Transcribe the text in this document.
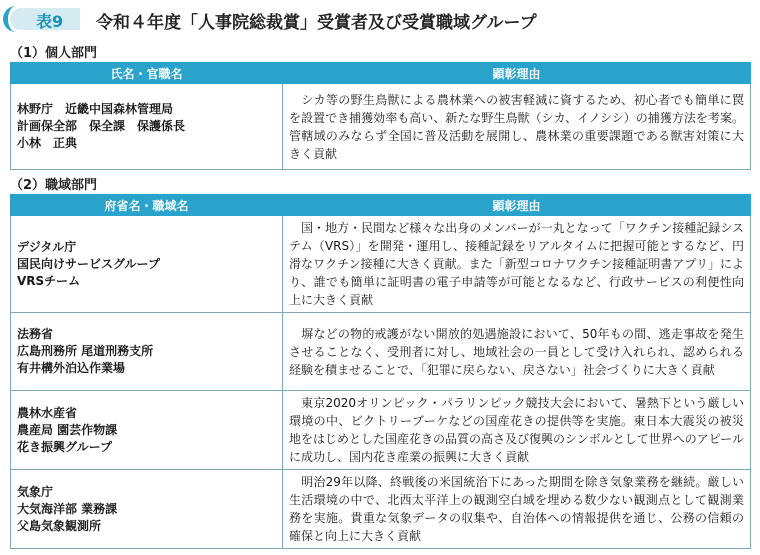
表9 令和４年度「人事院総裁賞」受賞者及び受賞職域グループ
（1）個人部門
氏名・官職名	顕彰理由

林野庁　近畿中国森林管理局
計画保全部　保全課　保護係長
小林　正典	シカ等の野生鳥獣による農林業への被害軽減に資するため、初心者でも簡単に罠を設置でき捕獲効率も高い、新たな野生鳥獣（シカ、イノシシ）の捕獲方法を考案。管轄域のみならず全国に普及活動を展開し、農林業の重要課題である獣害対策に大きく貢献
（2）職域部門
府省名・職域名	顕彰理由

デジタル庁
国民向けサービスグループ
VRSチーム	国・地方・民間など様々な出身のメンバーが一丸となって「ワクチン接種記録システム（VRS）」を開発・運用し、接種記録をリアルタイムに把握可能とするなど、円滑なワクチン接種に大きく貢献。また「新型コロナワクチン接種証明書アプリ」により、誰でも簡単に証明書の電子申請等が可能となるなど、行政サービスの利便性向上に大きく貢献

法務省
広島刑務所 尾道刑務支所
有井構外泊込作業場	塀などの物的戒護がない開放的処遇施設において、50年もの間、逃走事故を発生させることなく、受刑者に対し、地域社会の一員として受け入れられ、認められる経験を積ませることで、「犯罪に戻らない、戻さない」社会づくりに大きく貢献

農林水産省
農産局 園芸作物課
花き振興グループ	東京2020オリンピック・パラリンピック競技大会において、暑熱下という厳しい環境の中、ビクトリーブーケなどの国産花きの提供等を実施。東日本大震災の被災地をはじめとした国産花きの品質の高さ及び復興のシンボルとして世界へのアピールに成功し、国内花き産業の振興に大きく貢献

気象庁
大気海洋部 業務課
父島気象観測所	明治29年以降、終戦後の米国統治下にあった期間を除き気象業務を継続。厳しい生活環境の中で、北西太平洋上の観測空白域を埋める数少ない観測点として観測業務を実施。貴重な気象データの収集や、自治体への情報提供を通じ、公務の信頼の確保と向上に大きく貢献
